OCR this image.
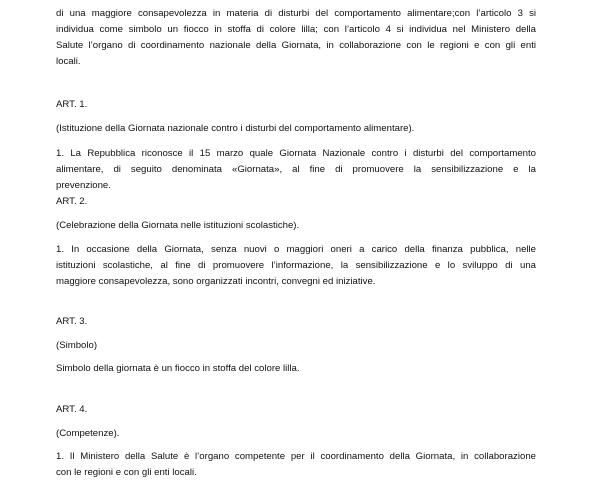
di una maggiore consapevolezza in materia di disturbi del comportamento alimentare;con l’articolo 3 si
individua come simbolo un fiocco in stoffa di colore lilla; con l’articolo 4 si individua nel Ministero della
Salute l’organo di coordinamento nazionale della Giornata, in collaborazione con le regioni e con gli enti
locali.

ART. 1.

(Istituzione della Giornata nazionale contro i disturbi del comportamento alimentare).

1. La Repubblica riconosce il 15 marzo quale Giornata Nazionale contro i disturbi del comportamento
alimentare, di seguito denominata «Giornata», al fine di promuovere la sensibilizzazione e la
prevenzione.

ART. 2.

(Celebrazione della Giornata nelle istituzioni scolastiche).

1. In occasione della Giornata, senza nuovi o maggiori oneri a carico della finanza pubblica, nelle
istituzioni scolastiche, al fine di promuovere l’informazione, la sensibilizzazione e lo sviluppo di una
maggiore consapevolezza, sono organizzati incontri, convegni ed iniziative.

ART. 3.

(Simbolo)

Simbolo della giornata è un fiocco in stoffa del colore lilla.

ART. 4.

(Competenze).

1. Il Ministero della Salute è l’organo competente per il coordinamento della Giornata, in collaborazione
con le regioni e con gli enti locali.
